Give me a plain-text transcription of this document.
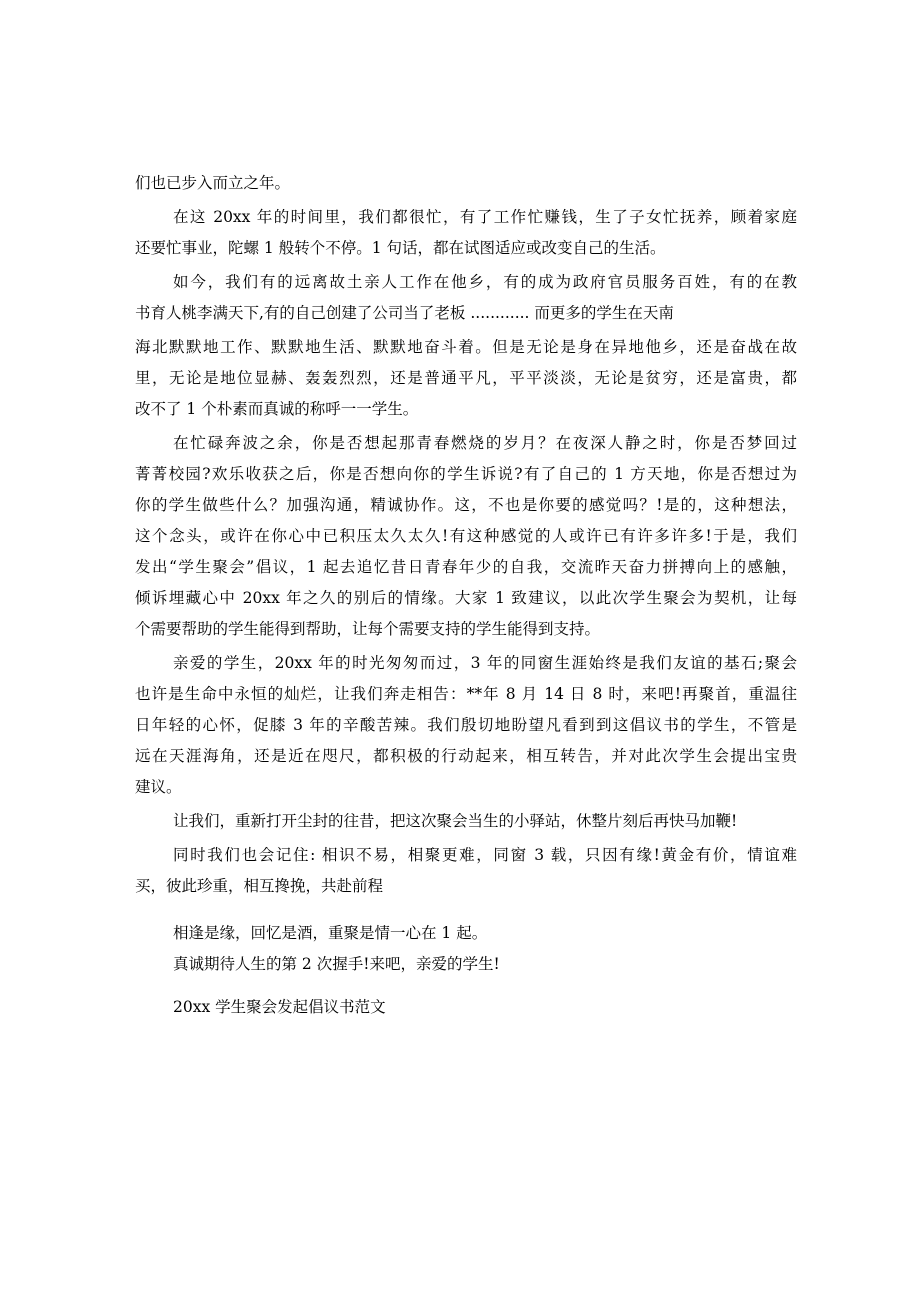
们也已步入而立之年。
在这 20xx 年的时间里，我们都很忙，有了工作忙赚钱，生了子女忙抚养，顾着家庭
还要忙事业，陀螺 1 般转个不停。1 句话，都在试图适应或改变自己的生活。
如今，我们有的远离故土亲人工作在他乡，有的成为政府官员服务百姓，有的在教
书育人桃李满天下,有的自己创建了公司当了老板 ............ 而更多的学生在天南
海北默默地工作、默默地生活、默默地奋斗着。但是无论是身在异地他乡，还是奋战在故
里，无论是地位显赫、轰轰烈烈，还是普通平凡，平平淡淡，无论是贫穷，还是富贵，都
改不了 1 个朴素而真诚的称呼一一学生。
在忙碌奔波之余，你是否想起那青春燃烧的岁月？在夜深人静之时，你是否梦回过
菁菁校园?欢乐收获之后，你是否想向你的学生诉说?有了自己的 1 方天地，你是否想过为
你的学生做些什么？加强沟通，精诚协作。这，不也是你要的感觉吗？!是的，这种想法，
这个念头，或许在你心中已积压太久太久!有这种感觉的人或许已有许多许多!于是，我们
发出“学生聚会”倡议，1 起去追忆昔日青春年少的自我，交流昨天奋力拼搏向上的感触，
倾诉埋藏心中 20xx 年之久的别后的情缘。大家 1 致建议，以此次学生聚会为契机，让每
个需要帮助的学生能得到帮助，让每个需要支持的学生能得到支持。
亲爱的学生，20xx 年的时光匆匆而过，3 年的同窗生涯始终是我们友谊的基石;聚会
也许是生命中永恒的灿烂，让我们奔走相告：**年 8 月 14 日 8 时，来吧!再聚首，重温往
日年轻的心怀，促膝 3 年的辛酸苦辣。我们殷切地盼望凡看到到这倡议书的学生，不管是
远在天涯海角，还是近在咫尺，都积极的行动起来，相互转告，并对此次学生会提出宝贵
建议。
让我们，重新打开尘封的往昔，把这次聚会当生的小驿站，休整片刻后再快马加鞭!
同时我们也会记住: 相识不易，相聚更难，同窗 3 载，只因有缘!黄金有价，情谊难
买，彼此珍重，相互搀挽，共赴前程
相逢是缘，回忆是酒，重聚是情一心在 1 起。
真诚期待人生的第 2 次握手!来吧，亲爱的学生!
20xx 学生聚会发起倡议书范文
